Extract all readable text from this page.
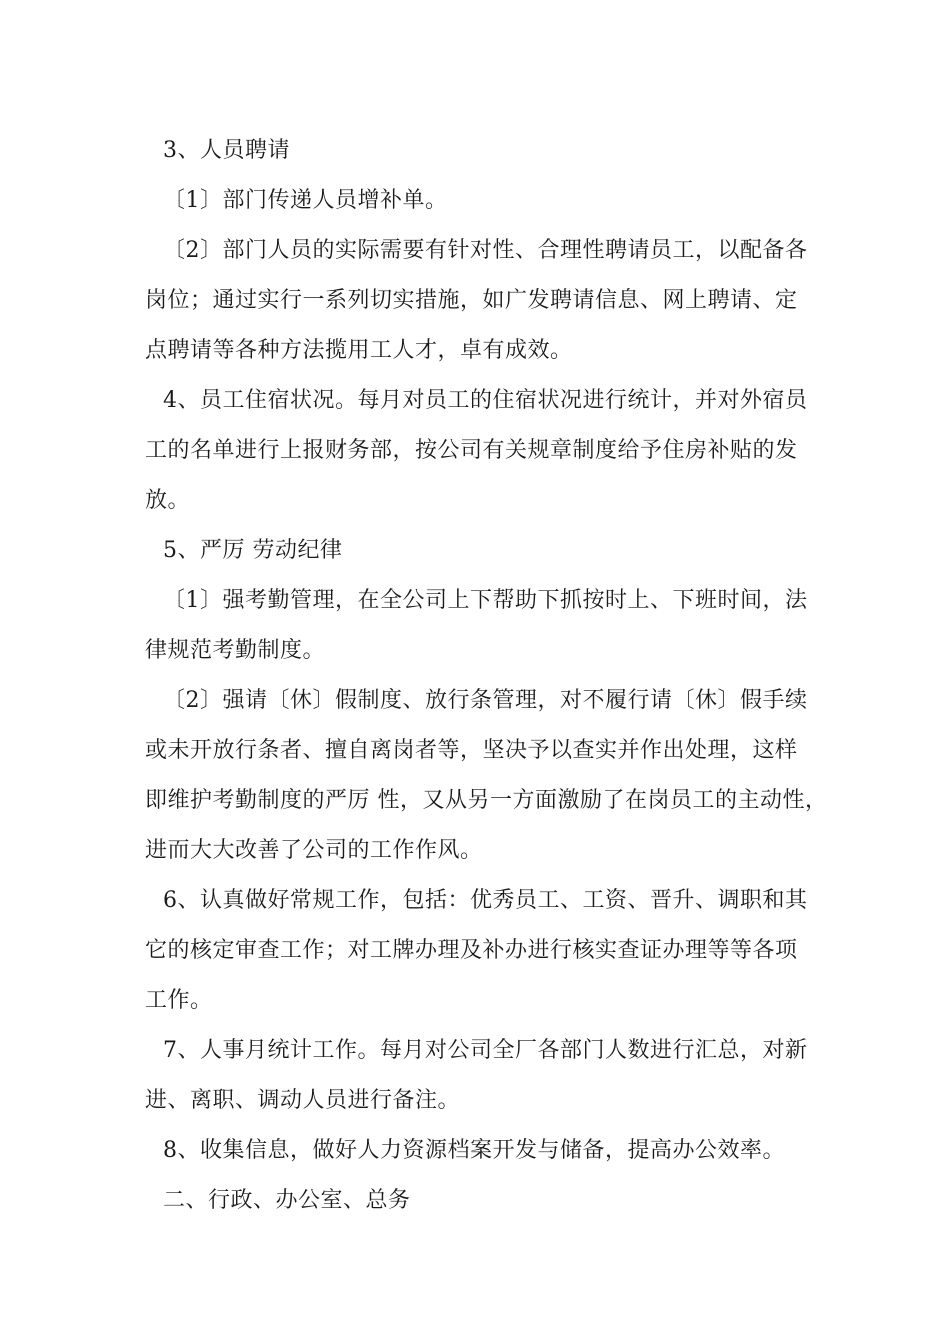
3、人员聘请
〔1〕部门传递人员增补单。
〔2〕部门人员的实际需要有针对性、合理性聘请员工，以配备各
岗位；通过实行一系列切实措施，如广发聘请信息、网上聘请、定
点聘请等各种方法揽用工人才，卓有成效。
4、员工住宿状况。每月对员工的住宿状况进行统计，并对外宿员
工的名单进行上报财务部，按公司有关规章制度给予住房补贴的发
放。
5、严厉 劳动纪律
〔1〕强考勤管理，在全公司上下帮助下抓按时上、下班时间，法
律规范考勤制度。
〔2〕强请〔休〕假制度、放行条管理，对不履行请〔休〕假手续
或未开放行条者、擅自离岗者等，坚决予以查实并作出处理，这样
即维护考勤制度的严厉 性，又从另一方面激励了在岗员工的主动性，
进而大大改善了公司的工作作风。
6、认真做好常规工作，包括：优秀员工、工资、晋升、调职和其
它的核定审查工作；对工牌办理及补办进行核实查证办理等等各项
工作。
7、人事月统计工作。每月对公司全厂各部门人数进行汇总，对新
进、离职、调动人员进行备注。
8、收集信息，做好人力资源档案开发与储备，提高办公效率。
二、行政、办公室、总务
